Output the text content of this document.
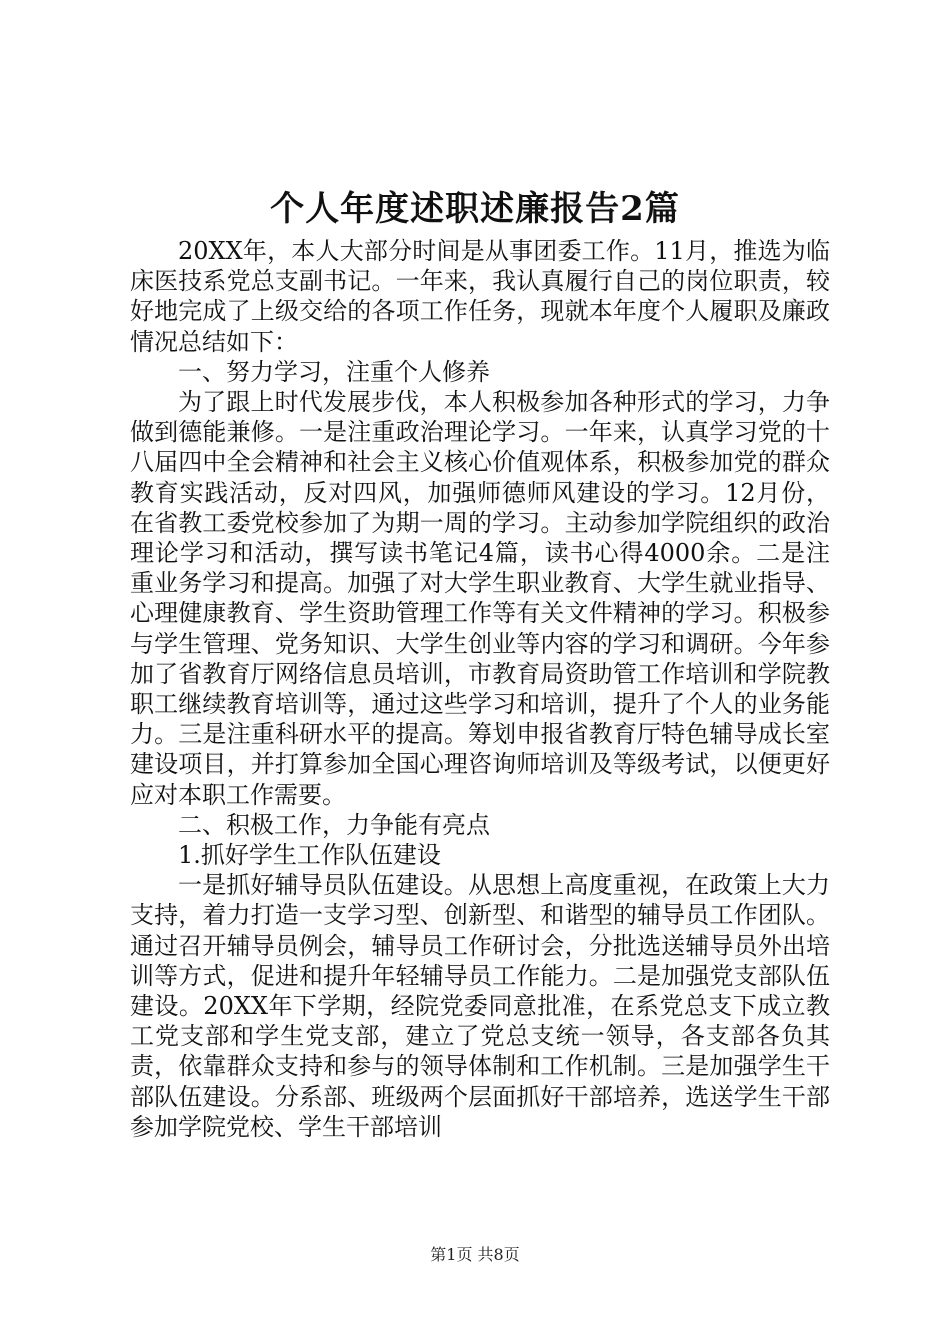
个人年度述职述廉报告2篇

20XX年，本人大部分时间是从事团委工作。11月，推选为临床医技系党总支副书记。一年来，我认真履行自己的岗位职责，较好地完成了上级交给的各项工作任务，现就本年度个人履职及廉政情况总结如下：

一、努力学习，注重个人修养

为了跟上时代发展步伐，本人积极参加各种形式的学习，力争做到德能兼修。一是注重政治理论学习。一年来，认真学习党的十八届四中全会精神和社会主义核心价值观体系，积极参加党的群众教育实践活动，反对四风，加强师德师风建设的学习。12月份，在省教工委党校参加了为期一周的学习。主动参加学院组织的政治理论学习和活动，撰写读书笔记4篇，读书心得4000余。二是注重业务学习和提高。加强了对大学生职业教育、大学生就业指导、心理健康教育、学生资助管理工作等有关文件精神的学习。积极参与学生管理、党务知识、大学生创业等内容的学习和调研。今年参加了省教育厅网络信息员培训，市教育局资助管工作培训和学院教职工继续教育培训等，通过这些学习和培训，提升了个人的业务能力。三是注重科研水平的提高。筹划申报省教育厅特色辅导成长室建设项目，并打算参加全国心理咨询师培训及等级考试，以便更好应对本职工作需要。

二、积极工作，力争能有亮点

1.抓好学生工作队伍建设

一是抓好辅导员队伍建设。从思想上高度重视，在政策上大力支持，着力打造一支学习型、创新型、和谐型的辅导员工作团队。通过召开辅导员例会，辅导员工作研讨会，分批选送辅导员外出培训等方式，促进和提升年轻辅导员工作能力。二是加强党支部队伍建设。20XX年下学期，经院党委同意批准，在系党总支下成立教工党支部和学生党支部，建立了党总支统一领导，各支部各负其责，依靠群众支持和参与的领导体制和工作机制。三是加强学生干部队伍建设。分系部、班级两个层面抓好干部培养，选送学生干部参加学院党校、学生干部培训

第1页 共8页
